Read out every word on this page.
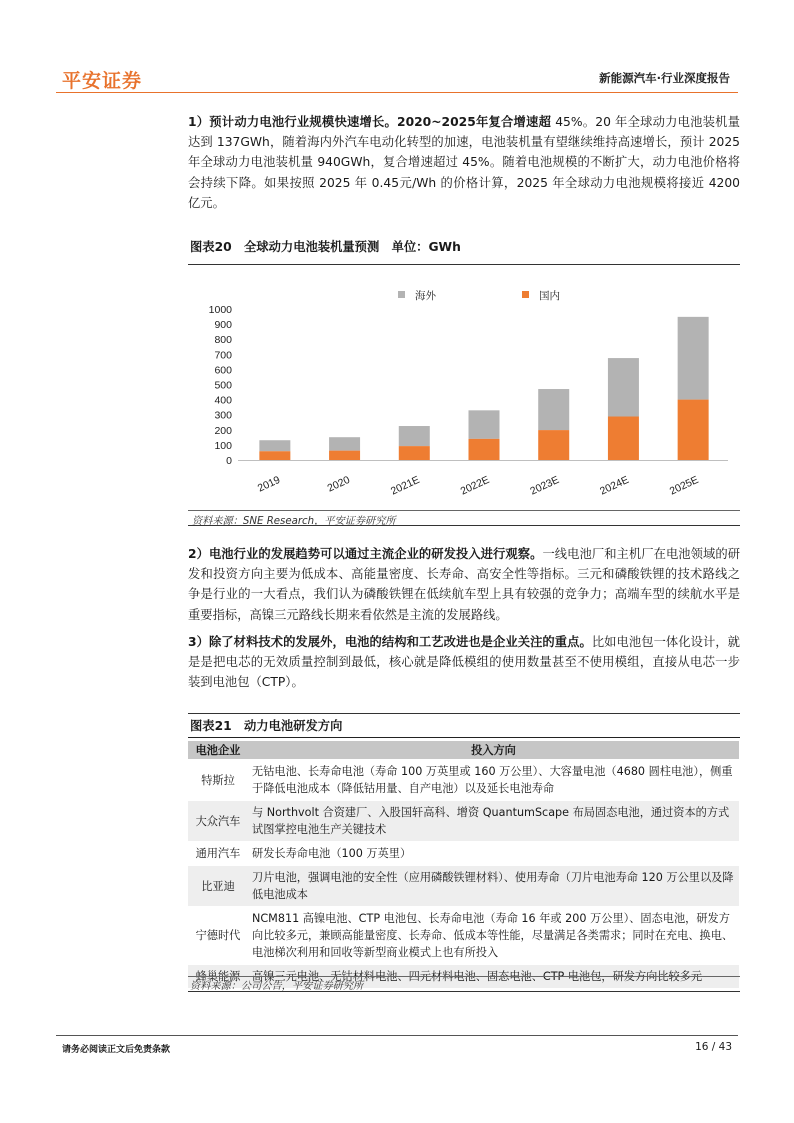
平安证券	新能源汽车·行业深度报告
1）预计动力电池行业规模快速增长。2020~2025年复合增速超 45%。20 年全球动力电池装机量达到 137GWh，随着海内外汽车电动化转型的加速，电池装机量有望继续维持高速增长，预计 2025 年全球动力电池装机量 940GWh，复合增速超过 45%。随着电池规模的不断扩大，动力电池价格将会持续下降。如果按照 2025 年 0.45元/Wh 的价格计算，2025 年全球动力电池规模将接近 4200 亿元。
图表20　全球动力电池装机量预测　单位：GWh
海外	国内
0
100
200
300
400
500
600
700
800
900
1000
2019	2020	2021E	2022E	2023E	2024E	2025E
资料来源：SNE Research，平安证券研究所
2）电池行业的发展趋势可以通过主流企业的研发投入进行观察。一线电池厂和主机厂在电池领域的研发和投资方向主要为低成本、高能量密度、长寿命、高安全性等指标。三元和磷酸铁锂的技术路线之争是行业的一大看点，我们认为磷酸铁锂在低续航车型上具有较强的竞争力；高端车型的续航水平是重要指标，高镍三元路线长期来看依然是主流的发展路线。
3）除了材料技术的发展外，电池的结构和工艺改进也是企业关注的重点。比如电池包一体化设计，就是是把电芯的无效质量控制到最低，核心就是降低模组的使用数量甚至不使用模组，直接从电芯一步装到电池包（CTP）。
图表21　动力电池研发方向
电池企业	投入方向
特斯拉	无钴电池、长寿命电池（寿命 100 万英里或 160 万公里）、大容量电池（4680 圆柱电池），侧重于降低电池成本（降低钴用量、自产电池）以及延长电池寿命
大众汽车	与 Northvolt 合资建厂、入股国轩高科、增资 QuantumScape 布局固态电池，通过资本的方式试图掌控电池生产关键技术
通用汽车	研发长寿命电池（100 万英里）
比亚迪	刀片电池，强调电池的安全性（应用磷酸铁锂材料）、使用寿命（刀片电池寿命 120 万公里以及降低电池成本
宁德时代	NCM811 高镍电池、CTP 电池包、长寿命电池（寿命 16 年或 200 万公里）、固态电池，研发方向比较多元，兼顾高能量密度、长寿命、低成本等性能，尽量满足各类需求；同时在充电、换电、电池梯次利用和回收等新型商业模式上也有所投入
蜂巢能源	高镍三元电池、无钴材料电池、四元材料电池、固态电池、CTP 电池包，研发方向比较多元
资料来源：公司公告，平安证券研究所
请务必阅读正文后免责条款	16 / 43
